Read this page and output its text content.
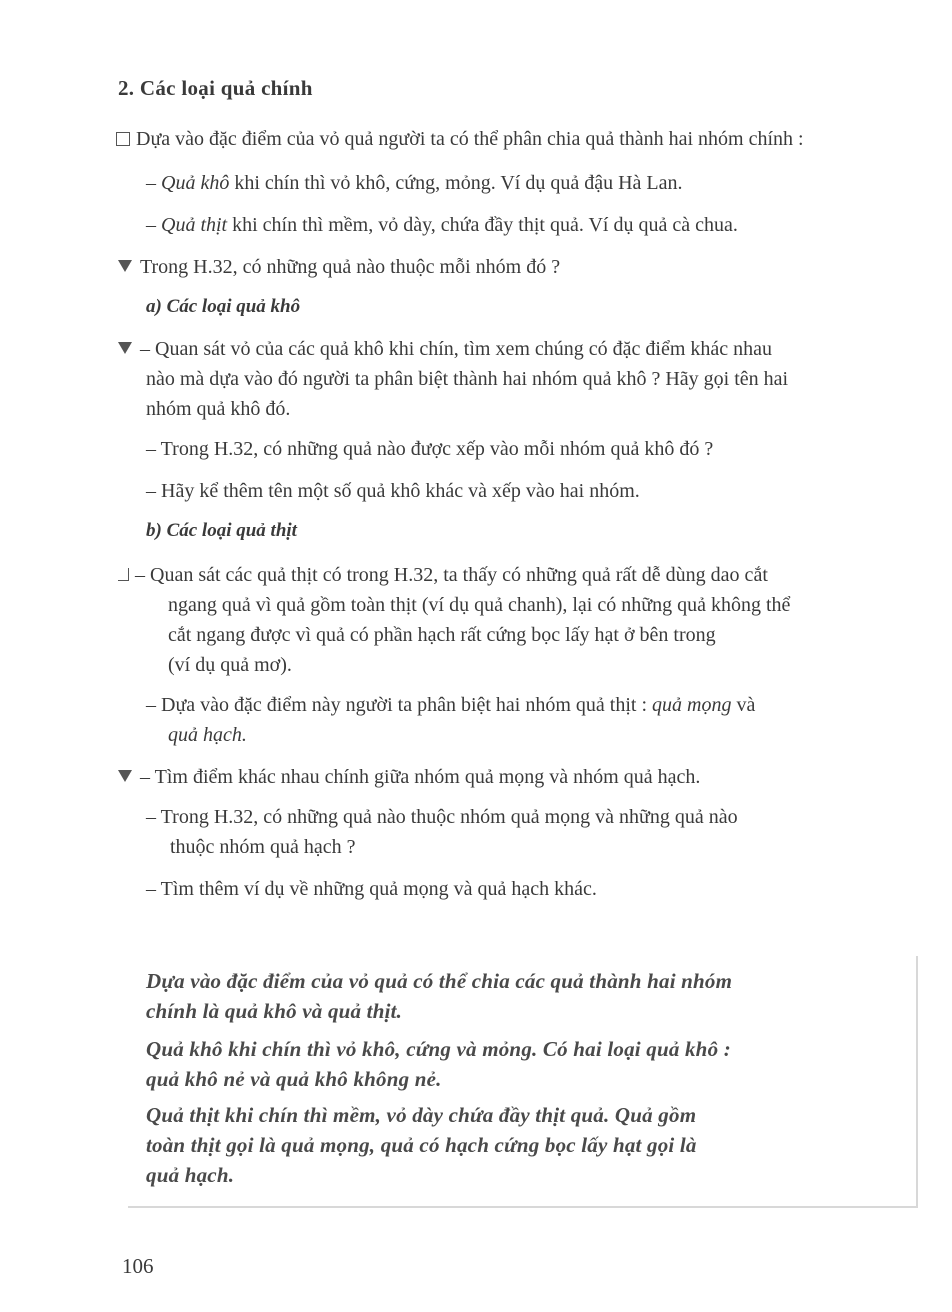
2. Các loại quả chính
Dựa vào đặc điểm của vỏ quả người ta có thể phân chia quả thành hai nhóm chính :
– Quả khô khi chín thì vỏ khô, cứng, mỏng. Ví dụ quả đậu Hà Lan.
– Quả thịt khi chín thì mềm, vỏ dày, chứa đầy thịt quả. Ví dụ quả cà chua.
Trong H.32, có những quả nào thuộc mỗi nhóm đó ?
a) Các loại quả khô
– Quan sát vỏ của các quả khô khi chín, tìm xem chúng có đặc điểm khác nhau
nào mà dựa vào đó người ta phân biệt thành hai nhóm quả khô ? Hãy gọi tên hai
nhóm quả khô đó.
– Trong H.32, có những quả nào được xếp vào mỗi nhóm quả khô đó ?
– Hãy kể thêm tên một số quả khô khác và xếp vào hai nhóm.
b) Các loại quả thịt
– Quan sát các quả thịt có trong H.32, ta thấy có những quả rất dễ dùng dao cắt
ngang quả vì quả gồm toàn thịt (ví dụ quả chanh), lại có những quả không thể
cắt ngang được vì quả có phần hạch rất cứng bọc lấy hạt ở bên trong
(ví dụ quả mơ).
– Dựa vào đặc điểm này người ta phân biệt hai nhóm quả thịt : quả mọng và
quả hạch.
– Tìm điểm khác nhau chính giữa nhóm quả mọng và nhóm quả hạch.
– Trong H.32, có những quả nào thuộc nhóm quả mọng và những quả nào
thuộc nhóm quả hạch ?
– Tìm thêm ví dụ về những quả mọng và quả hạch khác.
Dựa vào đặc điểm của vỏ quả có thể chia các quả thành hai nhóm
chính là quả khô và quả thịt.
Quả khô khi chín thì vỏ khô, cứng và mỏng. Có hai loại quả khô :
quả khô nẻ và quả khô không nẻ.
Quả thịt khi chín thì mềm, vỏ dày chứa đầy thịt quả. Quả gồm
toàn thịt gọi là quả mọng, quả có hạch cứng bọc lấy hạt gọi là
quả hạch.
106
